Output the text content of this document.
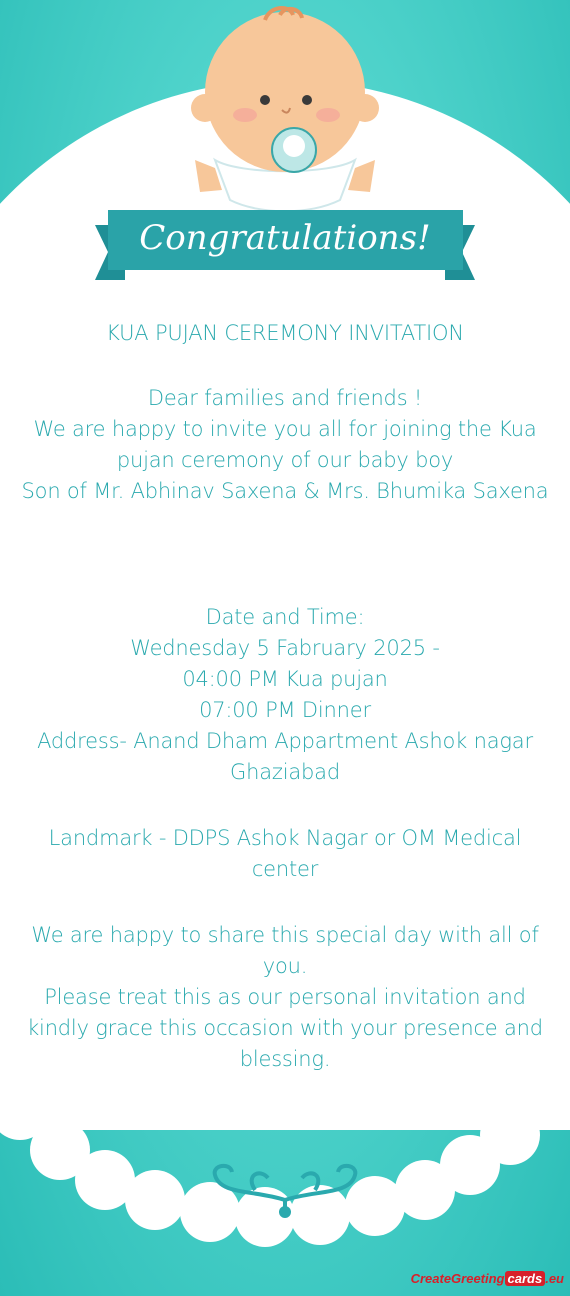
Congratulations!

KUA PUJAN CEREMONY INVITATION

Dear families and friends !

We are happy to invite you all for joining the Kua

pujan ceremony of our baby boy

Son of Mr. Abhinav Saxena & Mrs. Bhumika Saxena

Date and Time:

Wednesday 5 Fabruary 2025 -

04:00 PM Kua pujan

07:00 PM Dinner

Address- Anand Dham Appartment Ashok nagar

Ghaziabad

Landmark - DDPS Ashok Nagar or OM Medical

center

We are happy to share this special day with all of

you.

Please treat this as our personal invitation and

kindly grace this occasion with your presence and

blessing.

CreateGreeting cards .eu
